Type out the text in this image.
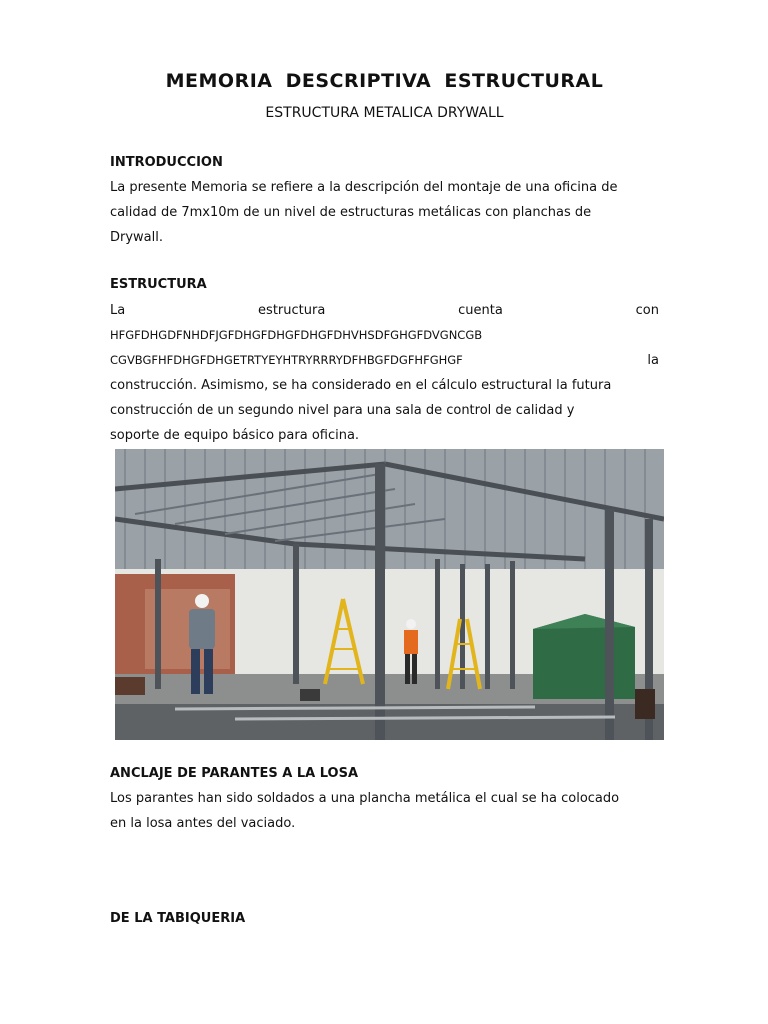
MEMORIA DESCRIPTIVA ESTRUCTURAL
ESTRUCTURA METALICA DRYWALL
INTRODUCCION
La presente Memoria se refiere a la descripción del montaje de una oficina de
calidad de 7mx10m de un nivel de estructuras metálicas con planchas de
Drywall.
ESTRUCTURA
La	estructura	cuenta	con
HFGFDHGDFNHDFJGFDHGFDHGFDHGFDHVHSDFGHGFDVGNCGB
CGVBGFHFDHGFDHGETRTYEYHTRYRRRYDFHBGFDGFHFGHGF	la
construcción. Asimismo, se ha considerado en el cálculo estructural la futura
construcción de un segundo nivel para una sala de control de calidad y
soporte de equipo básico para oficina.
ANCLAJE DE PARANTES A LA LOSA
Los parantes han sido soldados a una plancha metálica el cual se ha colocado
en la losa antes del vaciado.
DE LA TABIQUERIA
